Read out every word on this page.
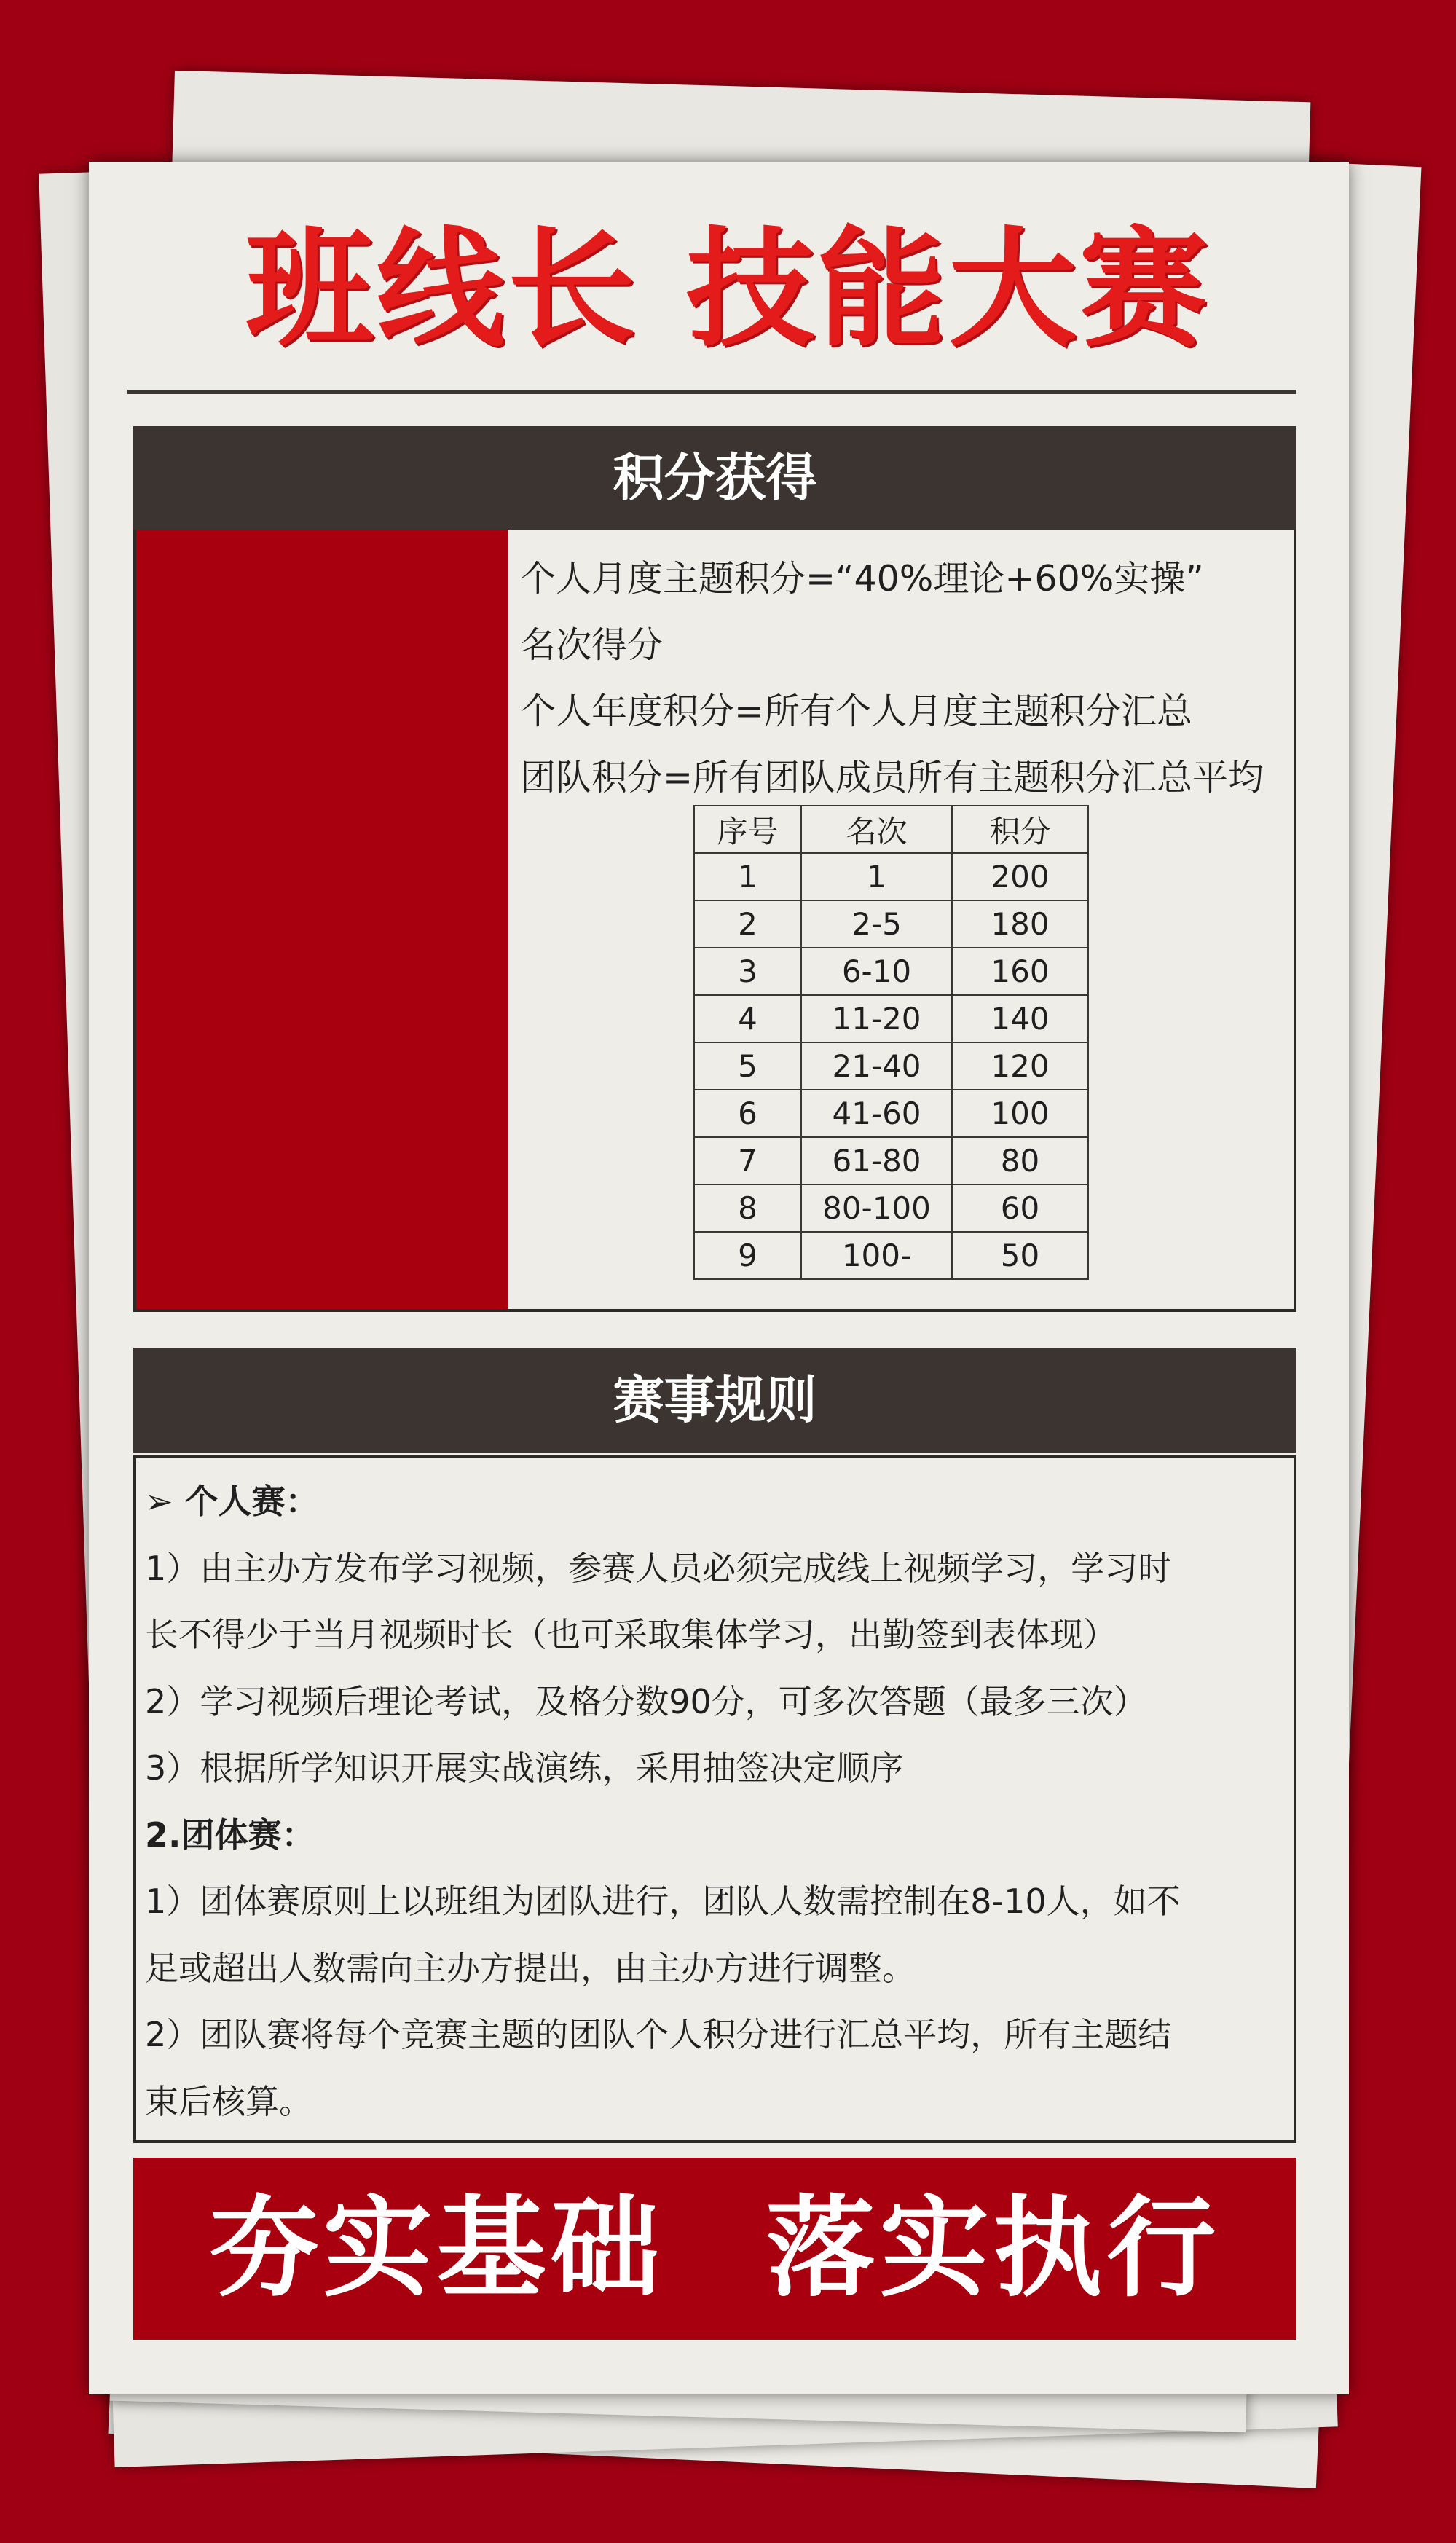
班线长 技能大赛
积分获得
个人月度主题积分=“40%理论+60%实操”
名次得分
个人年度积分=所有个人月度主题积分汇总
团队积分=所有团队成员所有主题积分汇总平均
序号	名次	积分
1	1	200
2	2-5	180
3	6-10	160
4	11-20	140
5	21-40	120
6	41-60	100
7	61-80	80
8	80-100	60
9	100-	50
赛事规则
➢ 个人赛：
1）由主办方发布学习视频，参赛人员必须完成线上视频学习，学习时
长不得少于当月视频时长（也可采取集体学习，出勤签到表体现）
2）学习视频后理论考试，及格分数90分，可多次答题（最多三次）
3）根据所学知识开展实战演练，采用抽签决定顺序
2.团体赛：
1）团体赛原则上以班组为团队进行，团队人数需控制在8-10人，如不
足或超出人数需向主办方提出，由主办方进行调整。
2）团队赛将每个竞赛主题的团队个人积分进行汇总平均，所有主题结
束后核算。
夯实基础 落实执行
